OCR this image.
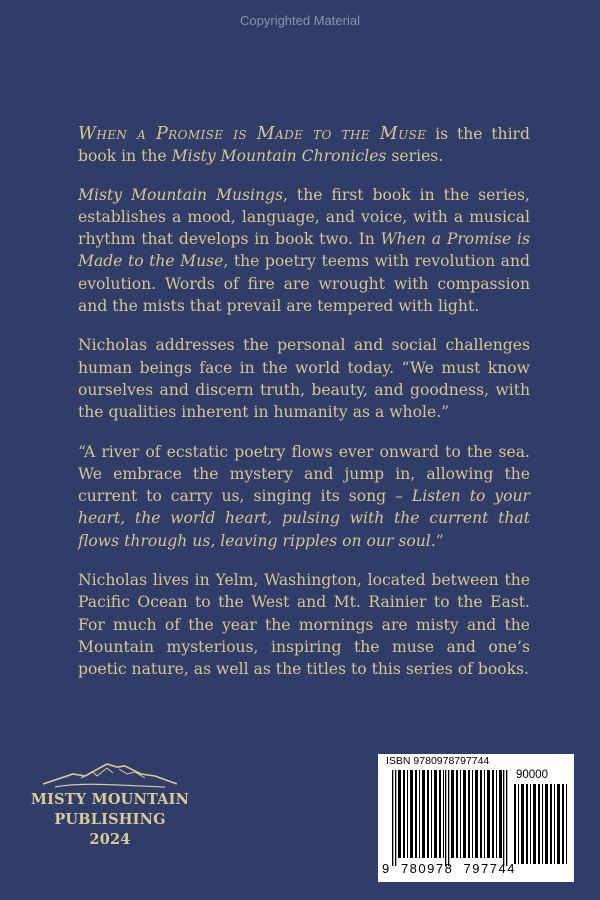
Copyrighted Material

When a Promise is Made to the Muse is the third book in the Misty Mountain Chronicles series.

Misty Mountain Musings, the first book in the series, establishes a mood, language, and voice, with a musical rhythm that develops in book two. In When a Promise is Made to the Muse, the poetry teems with revolution and evolution. Words of fire are wrought with compassion and the mists that prevail are tempered with light.

Nicholas addresses the personal and social challenges human beings face in the world today. “We must know ourselves and discern truth, beauty, and goodness, with the qualities inherent in humanity as a whole.”

“A river of ecstatic poetry flows ever onward to the sea. We embrace the mystery and jump in, allowing the current to carry us, singing its song – Listen to your heart, the world heart, pulsing with the current that flows through us, leaving ripples on our soul.”

Nicholas lives in Yelm, Washington, located between the Pacific Ocean to the West and Mt. Rainier to the East. For much of the year the mornings are misty and the Mountain mysterious, inspiring the muse and one’s poetic nature, as well as the titles to this series of books.

MISTY MOUNTAIN
PUBLISHING
2024
ISBN 9780978797744
90000
9  780978  797744
